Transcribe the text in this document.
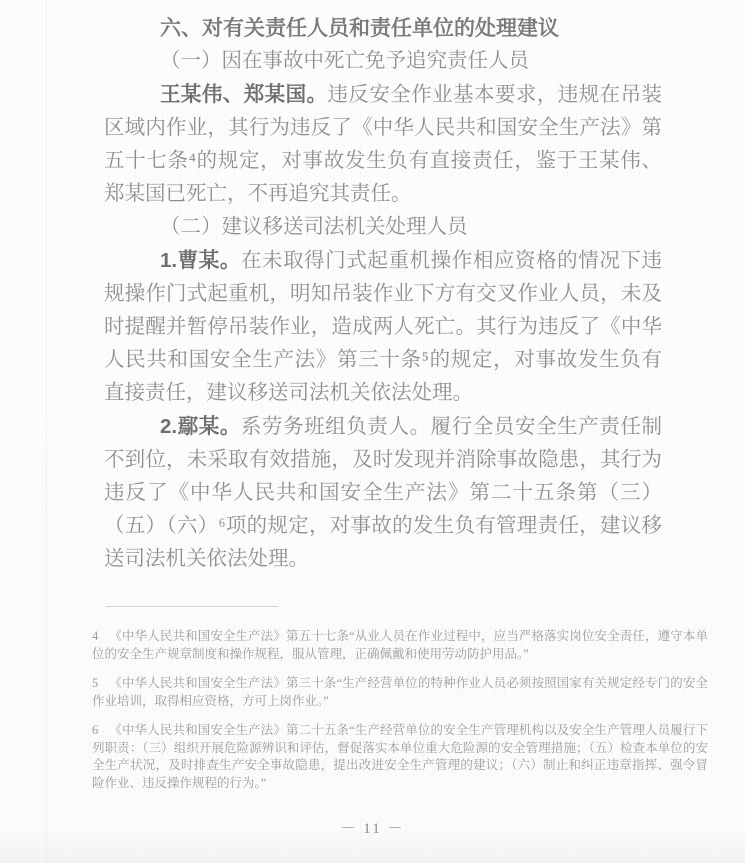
六、对有关责任人员和责任单位的处理建议

（一）因在事故中死亡免予追究责任人员

王某伟、郑某国。违反安全作业基本要求，违规在吊装区域内作业，其行为违反了《中华人民共和国安全生产法》第五十七条⁴的规定，对事故发生负有直接责任，鉴于王某伟、郑某国已死亡，不再追究其责任。

（二）建议移送司法机关处理人员

1.曹某。在未取得门式起重机操作相应资格的情况下违规操作门式起重机，明知吊装作业下方有交叉作业人员，未及时提醒并暂停吊装作业，造成两人死亡。其行为违反了《中华人民共和国安全生产法》第三十条⁵的规定，对事故发生负有直接责任，建议移送司法机关依法处理。

2.鄢某。系劳务班组负责人。履行全员安全生产责任制不到位，未采取有效措施，及时发现并消除事故隐患，其行为违反了《中华人民共和国安全生产法》第二十五条第（三）（五）（六）⁶项的规定，对事故的发生负有管理责任，建议移送司法机关依法处理。

4 《中华人民共和国安全生产法》第五十七条“从业人员在作业过程中，应当严格落实岗位安全责任，遵守本单位的安全生产规章制度和操作规程，服从管理，正确佩戴和使用劳动防护用品。”

5 《中华人民共和国安全生产法》第三十条“生产经营单位的特种作业人员必须按照国家有关规定经专门的安全作业培训，取得相应资格，方可上岗作业。”

6 《中华人民共和国安全生产法》第二十五条“生产经营单位的安全生产管理机构以及安全生产管理人员履行下列职责：（三）组织开展危险源辨识和评估，督促落实本单位重大危险源的安全管理措施；（五）检查本单位的安全生产状况，及时排查生产安全事故隐患，提出改进安全生产管理的建议；（六）制止和纠正违章指挥、强令冒险作业、违反操作规程的行为。”

－ 11 －
